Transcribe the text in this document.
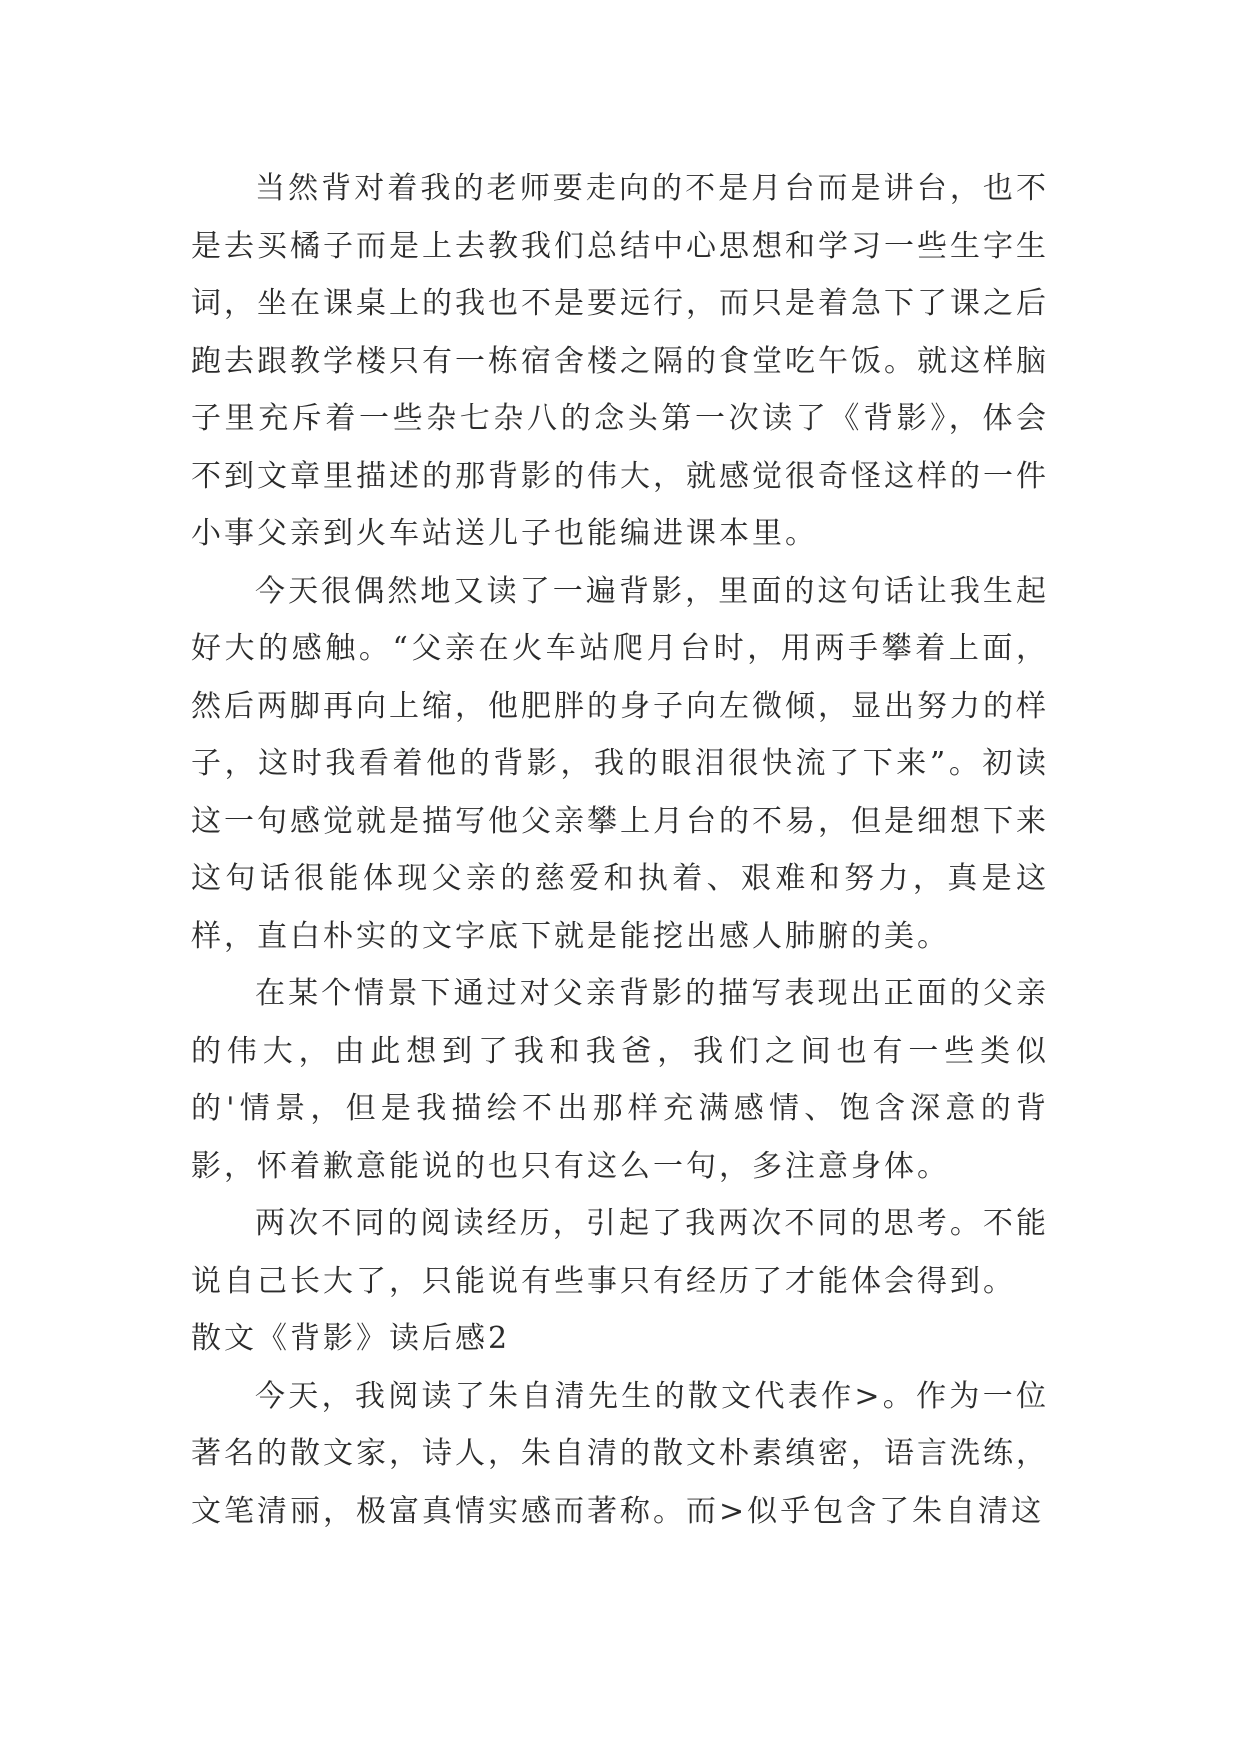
当然背对着我的老师要走向的不是月台而是讲台，也不是去买橘子而是上去教我们总结中心思想和学习一些生字生词，坐在课桌上的我也不是要远行，而只是着急下了课之后跑去跟教学楼只有一栋宿舍楼之隔的食堂吃午饭。就这样脑子里充斥着一些杂七杂八的念头第一次读了《背影》，体会不到文章里描述的那背影的伟大，就感觉很奇怪这样的一件小事父亲到火车站送儿子也能编进课本里。

今天很偶然地又读了一遍背影，里面的这句话让我生起好大的感触。“父亲在火车站爬月台时，用两手攀着上面，然后两脚再向上缩，他肥胖的身子向左微倾，显出努力的样子，这时我看着他的背影，我的眼泪很快流了下来”。初读这一句感觉就是描写他父亲攀上月台的不易，但是细想下来这句话很能体现父亲的慈爱和执着、艰难和努力，真是这样，直白朴实的文字底下就是能挖出感人肺腑的美。

在某个情景下通过对父亲背影的描写表现出正面的父亲的伟大，由此想到了我和我爸，我们之间也有一些类似的'情景，但是我描绘不出那样充满感情、饱含深意的背影，怀着歉意能说的也只有这么一句，多注意身体。

两次不同的阅读经历，引起了我两次不同的思考。不能说自己长大了，只能说有些事只有经历了才能体会得到。

散文《背影》读后感2

今天，我阅读了朱自清先生的散文代表作>。作为一位著名的散文家，诗人，朱自清的散文朴素缜密，语言洗练，文笔清丽，极富真情实感而著称。而>似乎包含了朱自清这
